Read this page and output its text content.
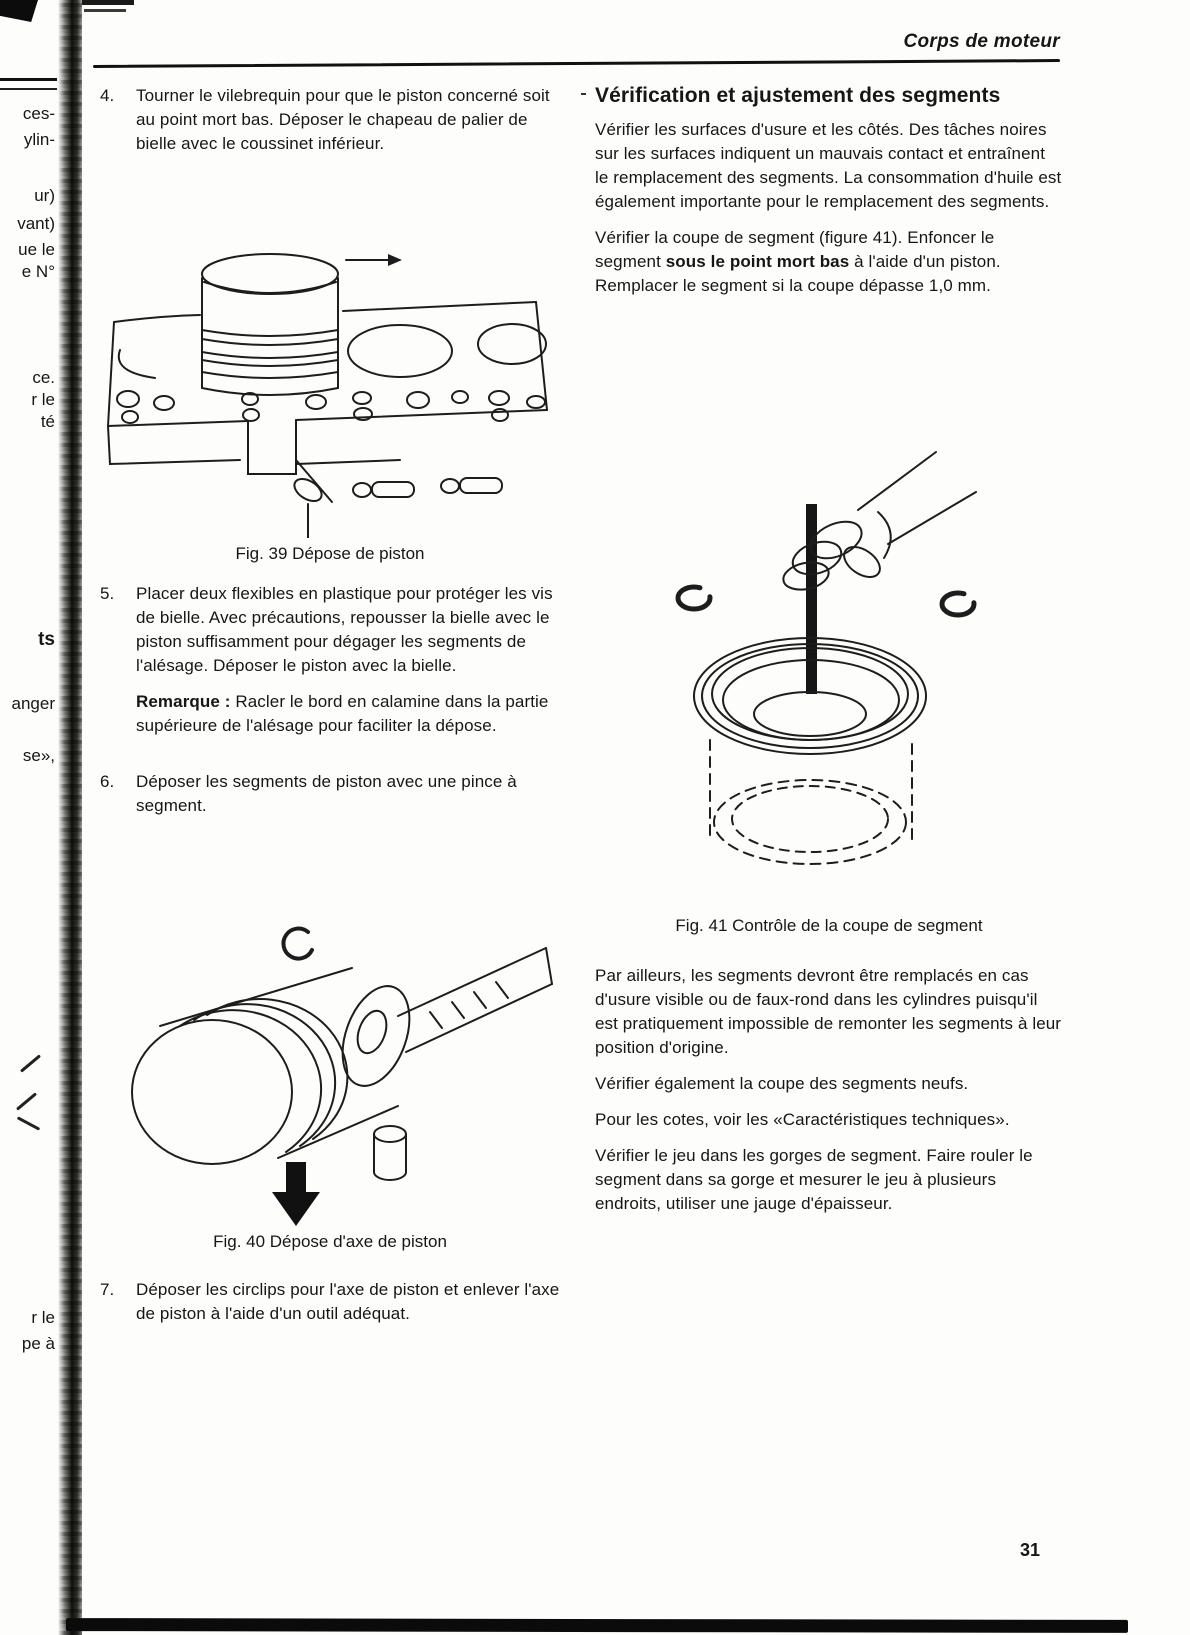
ces-
ylin-
ur)
vant)
ue le
e N°
ce.
r le
té
ts
anger
se»,
r le
pe à
Corps de moteur
4.	Tourner le vilebrequin pour que le piston concerné soit au point mort bas. Déposer le chapeau de palier de bielle avec le coussinet inférieur.
Fig. 39 Dépose de piston
5.	Placer deux flexibles en plastique pour protéger les vis de bielle. Avec précautions, repousser la bielle avec le piston suffisamment pour dégager les segments de l'alésage. Déposer le piston avec la bielle.
Remarque : Racler le bord en calamine dans la partie supérieure de l'alésage pour faciliter la dépose.
6.	Déposer les segments de piston avec une pince à segment.
Fig. 40 Dépose d'axe de piston
7.	Déposer les circlips pour l'axe de piston et enlever l'axe de piston à l'aide d'un outil adéquat.
Vérification et ajustement des segments

Vérifier les surfaces d'usure et les côtés. Des tâches noires sur les surfaces indiquent un mauvais contact et entraînent le remplacement des segments. La consommation d'huile est également importante pour le remplacement des segments.

Vérifier la coupe de segment (figure 41). Enfoncer le segment sous le point mort bas à l'aide d'un piston. Remplacer le segment si la coupe dépasse 1,0 mm.

Fig. 41 Contrôle de la coupe de segment

Par ailleurs, les segments devront être remplacés en cas d'usure visible ou de faux-rond dans les cylindres puisqu'il est pratiquement impossible de remonter les segments à leur position d'origine.

Vérifier également la coupe des segments neufs.

Pour les cotes, voir les «Caractéristiques techniques».

Vérifier le jeu dans les gorges de segment. Faire rouler le segment dans sa gorge et mesurer le jeu à plusieurs endroits, utiliser une jauge d'épaisseur.

31
